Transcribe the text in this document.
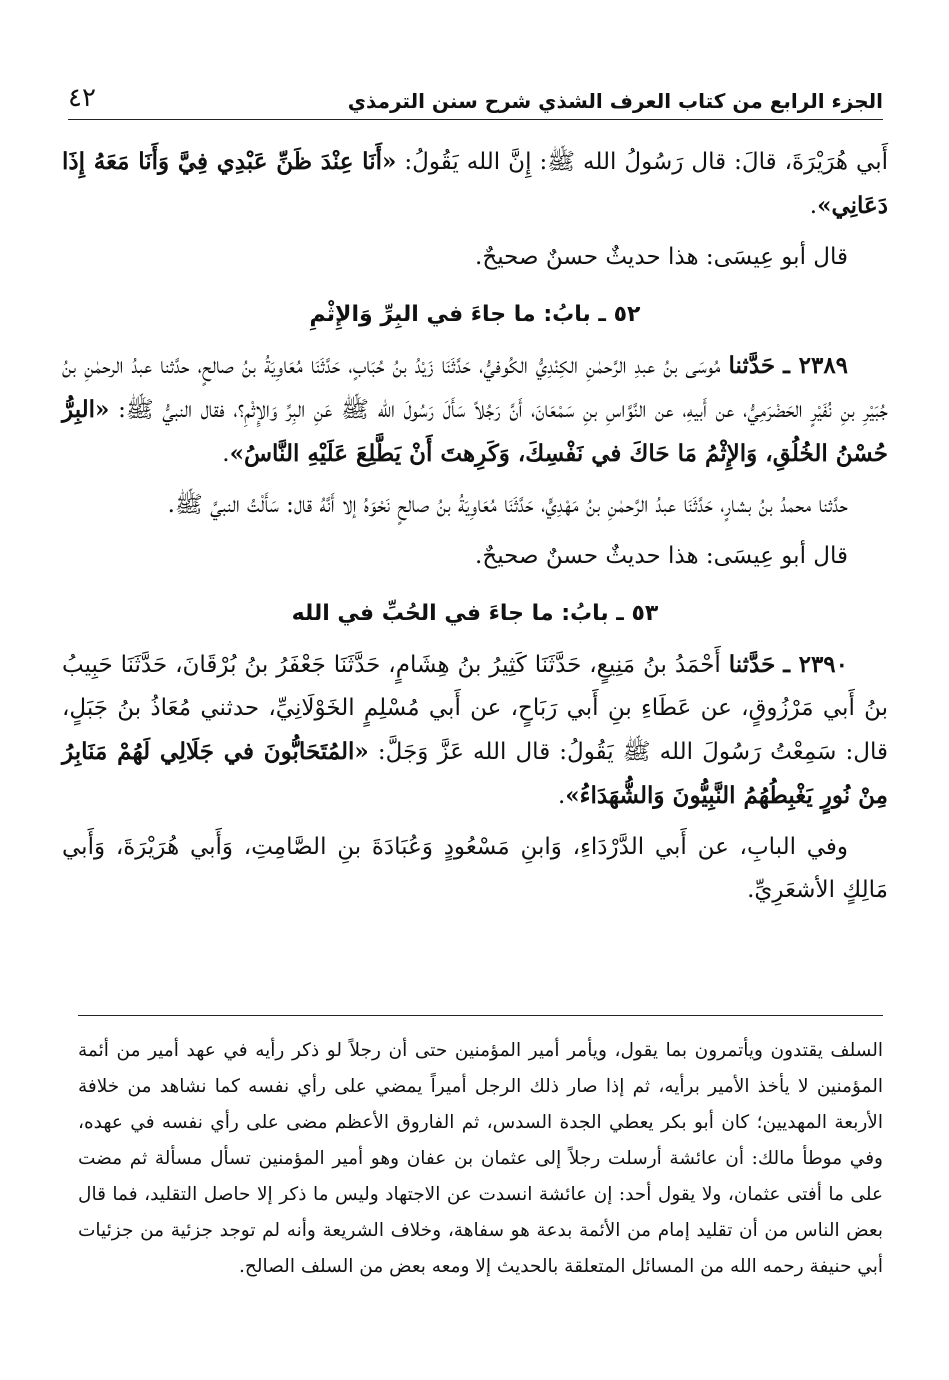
الجزء الرابع من كتاب العرف الشذي شرح سنن الترمذي
٤٢

أَبي هُرَيْرَةَ، قالَ: قال رَسُولُ الله ﷺ: إِنَّ الله يَقُولُ: «أَنَا عِنْدَ ظَنِّ عَبْدِي فِيَّ وَأَنَا مَعَهُ إِذَا دَعَانِي».

قال أبو عِيسَى: هذا حديثٌ حسنٌ صحيحٌ.

٥٢ ـ بابُ: ما جاءَ في البِرِّ وَالإِثْمِ

٢٣٨٩ ـ حَدَّثنا مُوسَى بنُ عبدِ الرَّحمٰنِ الكِنْدِيُّ الكُوفيُّ، حَدَّثَنَا زَيْدُ بنُ حُبَابٍ، حَدَّثَنَا مُعَاوِيَةُ بنُ صالحٍ، حدَّثنا عبدُ الرحمٰنِ بنُ جُبَيْرِ بنِ نُفَيْرٍ الحَضْرَمِيُّ، عن أَبيهِ، عن النَّوَّاسِ بنِ سَمْعَانَ، أَنَّ رَجُلاً سَأَلَ رَسُولَ الله ﷺ عَنِ البِرِّ وَالإِثْمِ؟، فقال النبيُّ ﷺ: «البِرُّ حُسْنُ الخُلُقِ، وَالإِثْمُ مَا حَاكَ في نَفْسِكَ، وَكَرِهتَ أَنْ يَطَّلِعَ عَلَيْهِ النَّاسُ».

حدَّثنا محمدُ بنُ بشارٍ، حَدَّثَنَا عبدُ الرَّحمٰنِ بنُ مَهْدِيٍّ، حَدَّثَنَا مُعَاوِيَةُ بنُ صالحٍ نَحْوَهُ إلا أَنَّهُ قال: سَأَلْتُ النبيَّ ﷺ.

قال أبو عِيسَى: هذا حديثٌ حسنٌ صحيحٌ.

٥٣ ـ بابُ: ما جاءَ في الحُبِّ في الله

٢٣٩٠ ـ حَدَّثنا أَحْمَدُ بنُ مَنِيعٍ، حَدَّثَنَا كَثِيرُ بنُ هِشَامٍ، حَدَّثَنَا جَعْفَرُ بنُ بُرْقَانَ، حَدَّثَنَا حَبِيبُ بنُ أَبي مَرْزُوقٍ، عن عَطَاءِ بنِ أَبي رَبَاحٍ، عن أَبي مُسْلِمٍ الخَوْلَانِيِّ، حدثني مُعَاذُ بنُ جَبَلٍ، قال: سَمِعْتُ رَسُولَ الله ﷺ يَقُولُ: قال الله عَزَّ وَجَلَّ: «المُتَحَابُّونَ في جَلَالِي لَهُمْ مَنَابِرُ مِنْ نُورٍ يَغْبِطُهُمُ النَّبِيُّونَ وَالشُّهَدَاءُ».

وفي البابِ، عن أَبي الدَّرْدَاءِ، وَابنِ مَسْعُودٍ وَعُبَادَةَ بنِ الصَّامِتِ، وَأَبي هُرَيْرَةَ، وَأَبي مَالِكٍ الأشعَرِيِّ.

السلف يقتدون ويأتمرون بما يقول، ويأمر أمير المؤمنين حتى أن رجلاً لو ذكر رأيه في عهد أمير من أئمة المؤمنين لا يأخذ الأمير برأيه، ثم إذا صار ذلك الرجل أميراً يمضي على رأي نفسه كما نشاهد من خلافة الأربعة المهديين؛ كان أبو بكر يعطي الجدة السدس، ثم الفاروق الأعظم مضى على رأي نفسه في عهده، وفي موطأ مالك: أن عائشة أرسلت رجلاً إلى عثمان بن عفان وهو أمير المؤمنين تسأل مسألة ثم مضت على ما أفتى عثمان، ولا يقول أحد: إن عائشة انسدت عن الاجتهاد وليس ما ذكر إلا حاصل التقليد، فما قال بعض الناس من أن تقليد إمام من الأئمة بدعة هو سفاهة، وخلاف الشريعة وأنه لم توجد جزئية من جزئيات أبي حنيفة رحمه الله من المسائل المتعلقة بالحديث إلا ومعه بعض من السلف الصالح.
